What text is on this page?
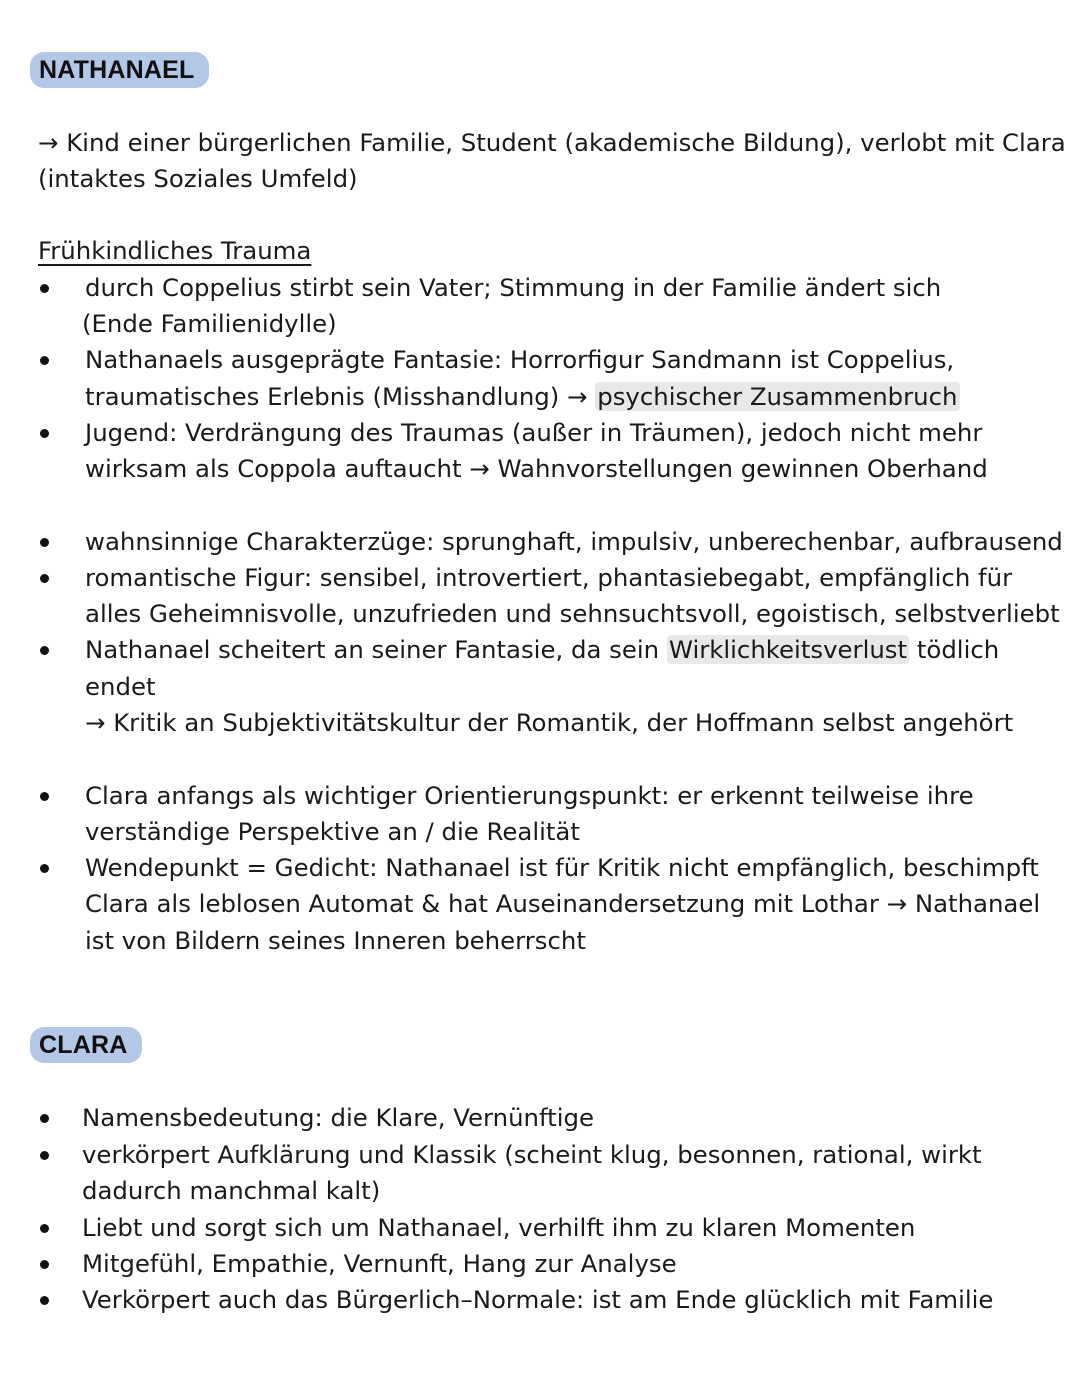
NATHANAEL
→ Kind einer bürgerlichen Familie, Student (akademische Bildung), verlobt mit Clara
(intaktes Soziales Umfeld)
Frühkindliches Trauma
durch Coppelius stirbt sein Vater; Stimmung in der Familie ändert sich
(Ende Familienidylle)
Nathanaels ausgeprägte Fantasie: Horrorfigur Sandmann ist Coppelius,
traumatisches Erlebnis (Misshandlung) → psychischer Zusammenbruch
Jugend: Verdrängung des Traumas (außer in Träumen), jedoch nicht mehr
wirksam als Coppola auftaucht → Wahnvorstellungen gewinnen Oberhand
wahnsinnige Charakterzüge: sprunghaft, impulsiv, unberechenbar, aufbrausend
romantische Figur: sensibel, introvertiert, phantasiebegabt, empfänglich für
alles Geheimnisvolle, unzufrieden und sehnsuchtsvoll, egoistisch, selbstverliebt
Nathanael scheitert an seiner Fantasie, da sein Wirklichkeitsverlust tödlich
endet
→ Kritik an Subjektivitätskultur der Romantik, der Hoffmann selbst angehört
Clara anfangs als wichtiger Orientierungspunkt: er erkennt teilweise ihre
verständige Perspektive an / die Realität
Wendepunkt = Gedicht: Nathanael ist für Kritik nicht empfänglich, beschimpft
Clara als leblosen Automat & hat Auseinandersetzung mit Lothar → Nathanael
ist von Bildern seines Inneren beherrscht
CLARA
Namensbedeutung: die Klare, Vernünftige
verkörpert Aufklärung und Klassik (scheint klug, besonnen, rational, wirkt
dadurch manchmal kalt)
Liebt und sorgt sich um Nathanael, verhilft ihm zu klaren Momenten
Mitgefühl, Empathie, Vernunft, Hang zur Analyse
Verkörpert auch das Bürgerlich–Normale: ist am Ende glücklich mit Familie
